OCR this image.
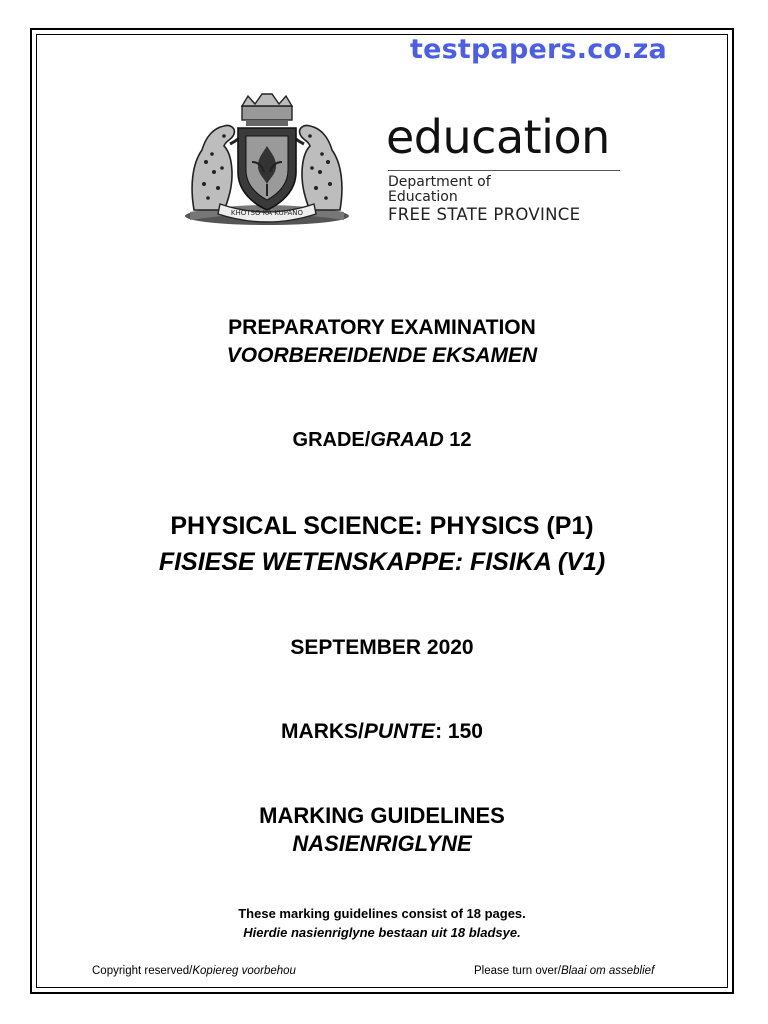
testpapers.co.za
KHOTSO KA KUPANO
education
Department of
Education
FREE STATE PROVINCE
PREPARATORY EXAMINATION
VOORBEREIDENDE EKSAMEN
GRADE/GRAAD 12
PHYSICAL SCIENCE: PHYSICS (P1)
FISIESE WETENSKAPPE: FISIKA (V1)
SEPTEMBER 2020
MARKS/PUNTE: 150
MARKING GUIDELINES
NASIENRIGLYNE
These marking guidelines consist of 18 pages.
Hierdie nasienriglyne bestaan uit 18 bladsye.
Copyright reserved/Kopiereg voorbehou	Please turn over/Blaai om asseblief
